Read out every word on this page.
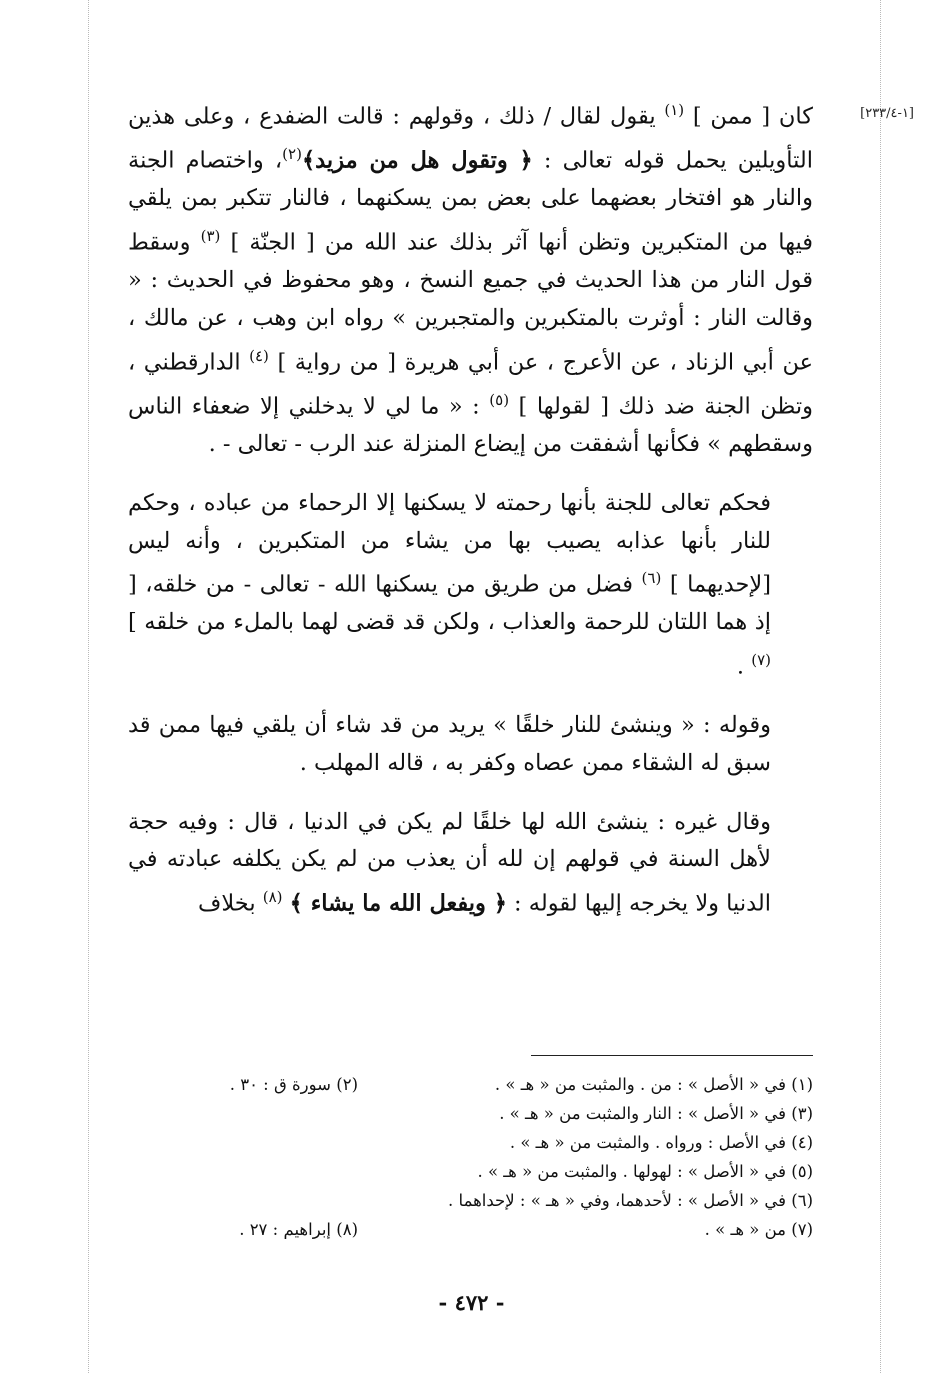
[١-٢٣٣/٤]

كان [ ممن ] $^{(١)}$ يقول لقال / ذلك ، وقولهم : قالت الضفدع ، وعلى هذين التأويلين يحمل قوله تعالى : ﴿ وتقول هل من مزيد﴾$^{(٢)}$، واختصام الجنة والنار هو افتخار بعضهما على بعض بمن يسكنهما ، فالنار تتكبر بمن يلقي فيها من المتكبرين وتظن أنها آثر بذلك عند الله من [ الجنّة ] $^{(٣)}$ وسقط قول النار من هذا الحديث في جميع النسخ ، وهو محفوظ في الحديث : « وقالت النار : أوثرت بالمتكبرين والمتجبرين » رواه ابن وهب ، عن مالك ، عن أبي الزناد ، عن الأعرج ، عن أبي هريرة [ من رواية ] $^{(٤)}$ الدارقطني ، وتظن الجنة ضد ذلك [ لقولها ] $^{(٥)}$ : « ما لي لا يدخلني إلا ضعفاء الناس وسقطهم » فكأنها أشفقت من إيضاع المنزلة عند الرب - تعالى - .

فحكم تعالى للجنة بأنها رحمته لا يسكنها إلا الرحماء من عباده ، وحكم للنار بأنها عذابه يصيب بها من يشاء من المتكبرين ، وأنه ليس [لإحديهما ] $^{(٦)}$ فضل من طريق من يسكنها الله - تعالى - من خلقه، [ إذ هما اللتان للرحمة والعذاب ، ولكن قد قضى لهما بالملء من خلقه ] $^{(٧)}$ .

وقوله : « وينشئ للنار خلقًا » يريد من قد شاء أن يلقي فيها ممن قد سبق له الشقاء ممن عصاه وكفر به ، قاله المهلب .

وقال غيره : ينشئ الله لها خلقًا لم يكن في الدنيا ، قال : وفيه حجة لأهل السنة في قولهم إن لله أن يعذب من لم يكن يكلفه عبادته في الدنيا ولا يخرجه إليها لقوله : ﴿ ويفعل الله ما يشاء ﴾ $^{(٨)}$ بخلاف

(١) في « الأصل » : من . والمثبت من « هـ » .
(٢) سورة ق : ٣٠ .
(٣) في « الأصل » : النار والمثبت من « هـ » .
(٤) في الأصل : ورواه . والمثبت من « هـ » .
(٥) في « الأصل » : لهولها . والمثبت من « هـ » .
(٦) في « الأصل » : لأحدهما، وفي « هـ » : لإحداهما .
(٧) من « هـ » .
(٨) إبراهيم : ٢٧ .
- ٤٧٢ -
